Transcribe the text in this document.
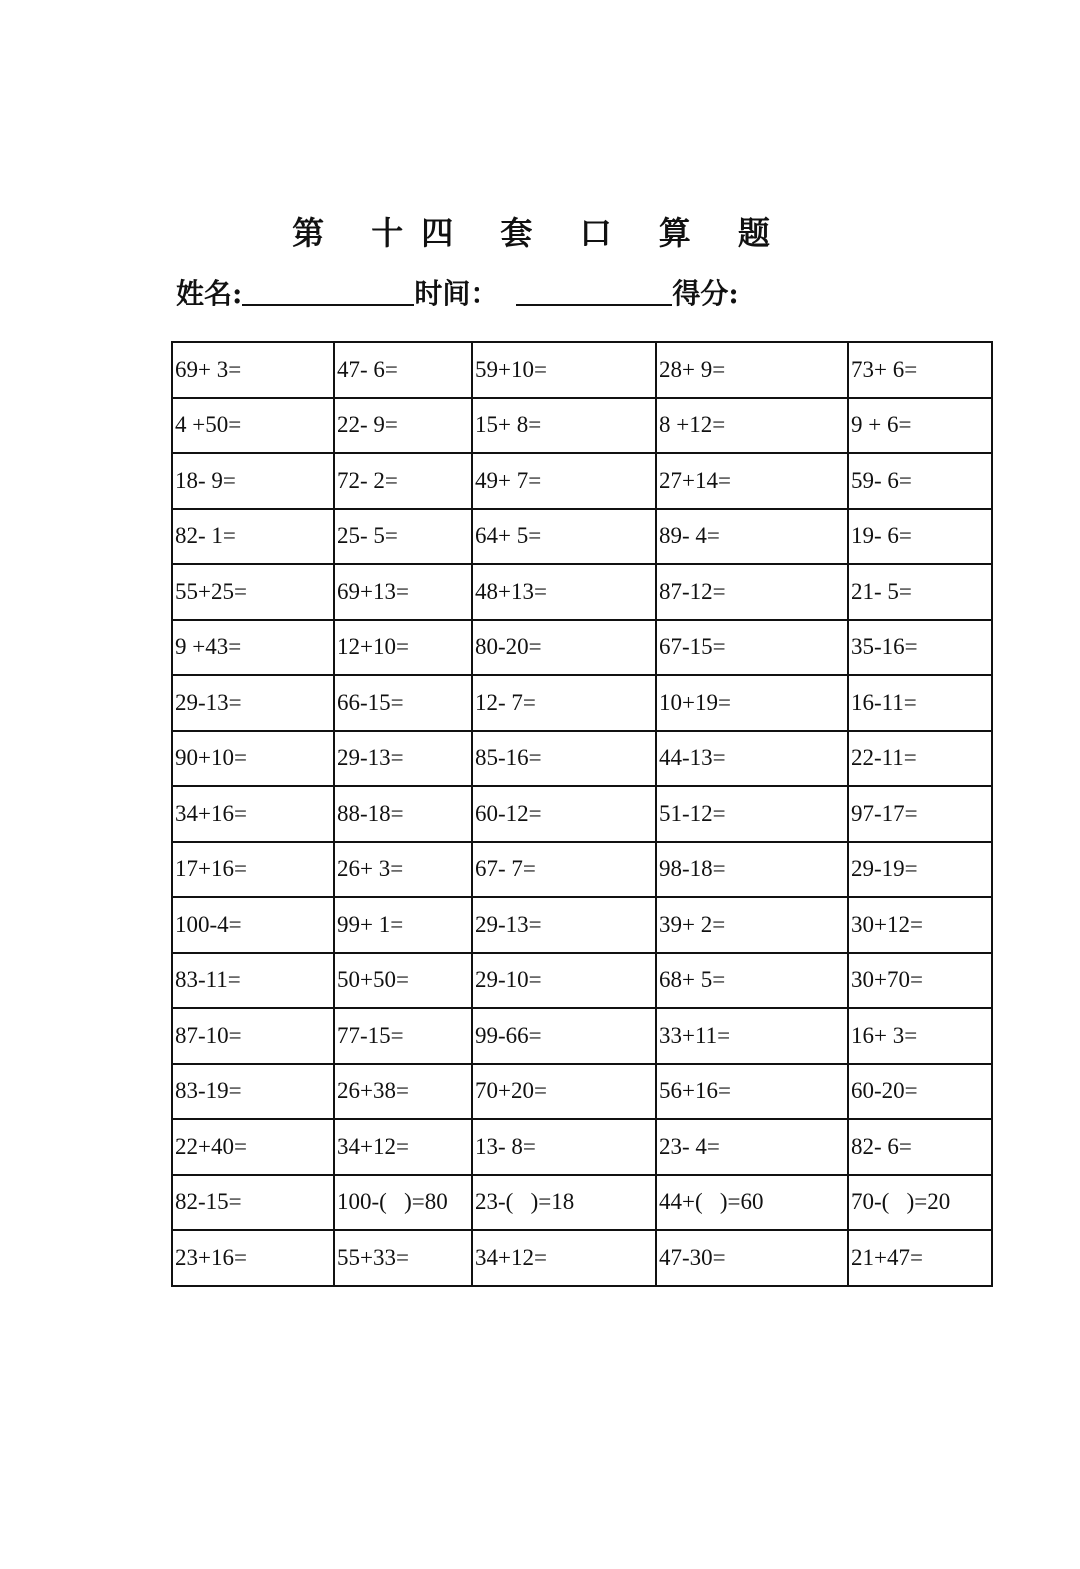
第 十四 套 口 算 题
姓名:	时间：	得分:
69+ 3=	47- 6=	59+10=	28+ 9=	73+ 6=
4 +50=	22- 9=	15+ 8=	8 +12=	9 + 6=
18- 9=	72- 2=	49+ 7=	27+14=	59- 6=
82- 1=	25- 5=	64+ 5=	89- 4=	19- 6=
55+25=	69+13=	48+13=	87-12=	21- 5=
9 +43=	12+10=	80-20=	67-15=	35-16=
29-13=	66-15=	12- 7=	10+19=	16-11=
90+10=	29-13=	85-16=	44-13=	22-11=
34+16=	88-18=	60-12=	51-12=	97-17=
17+16=	26+ 3=	67- 7=	98-18=	29-19=
100-4=	99+ 1=	29-13=	39+ 2=	30+12=
83-11=	50+50=	29-10=	68+ 5=	30+70=
87-10=	77-15=	99-66=	33+11=	16+ 3=
83-19=	26+38=	70+20=	56+16=	60-20=
22+40=	34+12=	13- 8=	23- 4=	82- 6=
82-15=	100-(   )=80	23-(   )=18	44+(   )=60	70-(   )=20
23+16=	55+33=	34+12=	47-30=	21+47=
